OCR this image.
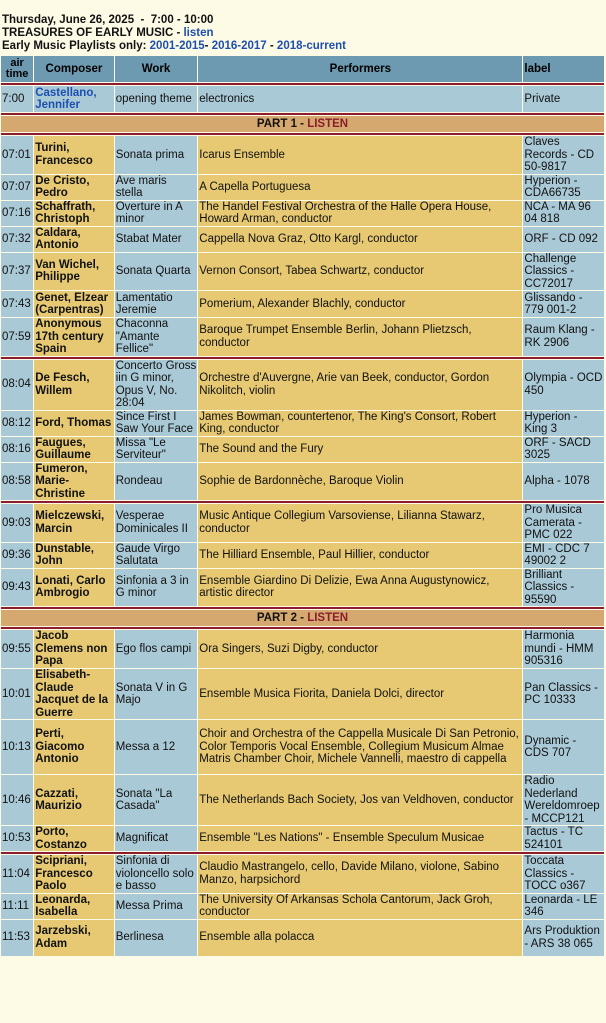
Thursday, June 26, 2025  -  7:00 - 10:00
TREASURES OF EARLY MUSIC - listen
Early Music Playlists only: 2001-2015- 2016-2017 - 2018-current
air time	Composer	Work	Performers	label

7:00	Castellano, Jennifer	opening theme	electronics	Private

PART 1 - LISTEN				

07:01	Turini, Francesco	Sonata prima	Icarus Ensemble	Claves Records - CD 50-9817
07:07	De Cristo, Pedro	Ave maris stella	A Capella Portuguesa	Hyperion - CDA66735
07:16	Schaffrath, Christoph	Overture in A minor	The Handel Festival Orchestra of the Halle Opera House, Howard Arman, conductor	NCA - MA 96 04 818
07:32	Caldara, Antonio	Stabat Mater	Cappella Nova Graz, Otto Kargl, conductor	ORF - CD 092
07:37	Van Wichel, Philippe	Sonata Quarta	Vernon Consort, Tabea Schwartz, conductor	Challenge Classics - CC72017
07:43	Genet, Elzear (Carpentras)	Lamentatio Jeremie	Pomerium, Alexander Blachly, conductor	Glissando - 779 001-2
07:59	Anonymous 17th century Spain	Chaconna "Amante Fellice"	Baroque Trumpet Ensemble Berlin, Johann Plietzsch, conductor	Raum Klang - RK 2906

08:04	De Fesch, Willem	Concerto Gross iin G minor, Opus V, No. 28:04	Orchestre d'Auvergne, Arie van Beek, conductor, Gordon Nikolitch, violin	Olympia - OCD 450
08:12	Ford, Thomas	Since First I Saw Your Face	James Bowman, countertenor, The King's Consort, Robert King, conductor	Hyperion - King 3
08:16	Faugues, Guillaume	Missa "Le Serviteur"	The Sound and the Fury	ORF - SACD 3025
08:58	Fumeron, Marie-Christine	Rondeau	Sophie de Bardonnèche, Baroque Violin	Alpha - 1078

09:03	Mielczewski, Marcin	Vesperae Dominicales II	Music Antique Collegium Varsoviense, Lilianna Stawarz, conductor	Pro Musica Camerata - PMC 022
09:36	Dunstable, John	Gaude Virgo Salutata	The Hilliard Ensemble, Paul Hillier, conductor	EMI - CDC 7 49002 2
09:43	Lonati, Carlo Ambrogio	Sinfonia a 3 in G minor	Ensemble Giardino Di Delizie, Ewa Anna Augustynowicz, artistic director	Brilliant Classics - 95590

PART 2 - LISTEN				

09:55	Jacob Clemens non Papa	Ego flos campi	Ora Singers, Suzi Digby, conductor	Harmonia mundi - HMM 905316
10:01	Elisabeth-Claude Jacquet de la Guerre	Sonata V in G Majo	Ensemble Musica Fiorita, Daniela Dolci, director	Pan Classics - PC 10333
10:13	Perti, Giacomo Antonio	Messa a 12	Choir and Orchestra of the Cappella Musicale Di San Petronio, Color Temporis Vocal Ensemble, Collegium Musicum Almae Matris Chamber Choir, Michele Vannelli, maestro di cappella	Dynamic - CDS 707
10:46	Cazzati, Maurizio	Sonata "La Casada"	The Netherlands Bach Society, Jos van Veldhoven, conductor	Radio Nederland Wereldomroep - MCCP121
10:53	Porto, Costanzo	Magnificat	Ensemble "Les Nations" - Ensemble Speculum Musicae	Tactus - TC 524101

11:04	Scipriani, Francesco Paolo	Sinfonia di violoncello solo e basso	Claudio Mastrangelo, cello, Davide Milano, violone, Sabino Manzo, harpsichord	Toccata Classics - TOCC o367
11:11	Leonarda, Isabella	Messa Prima	The University Of Arkansas Schola Cantorum, Jack Groh, conductor	Leonarda - LE 346
11:53	Jarzebski, Adam	Berlinesa	Ensemble alla polacca	Ars Produktion - ARS 38 065
